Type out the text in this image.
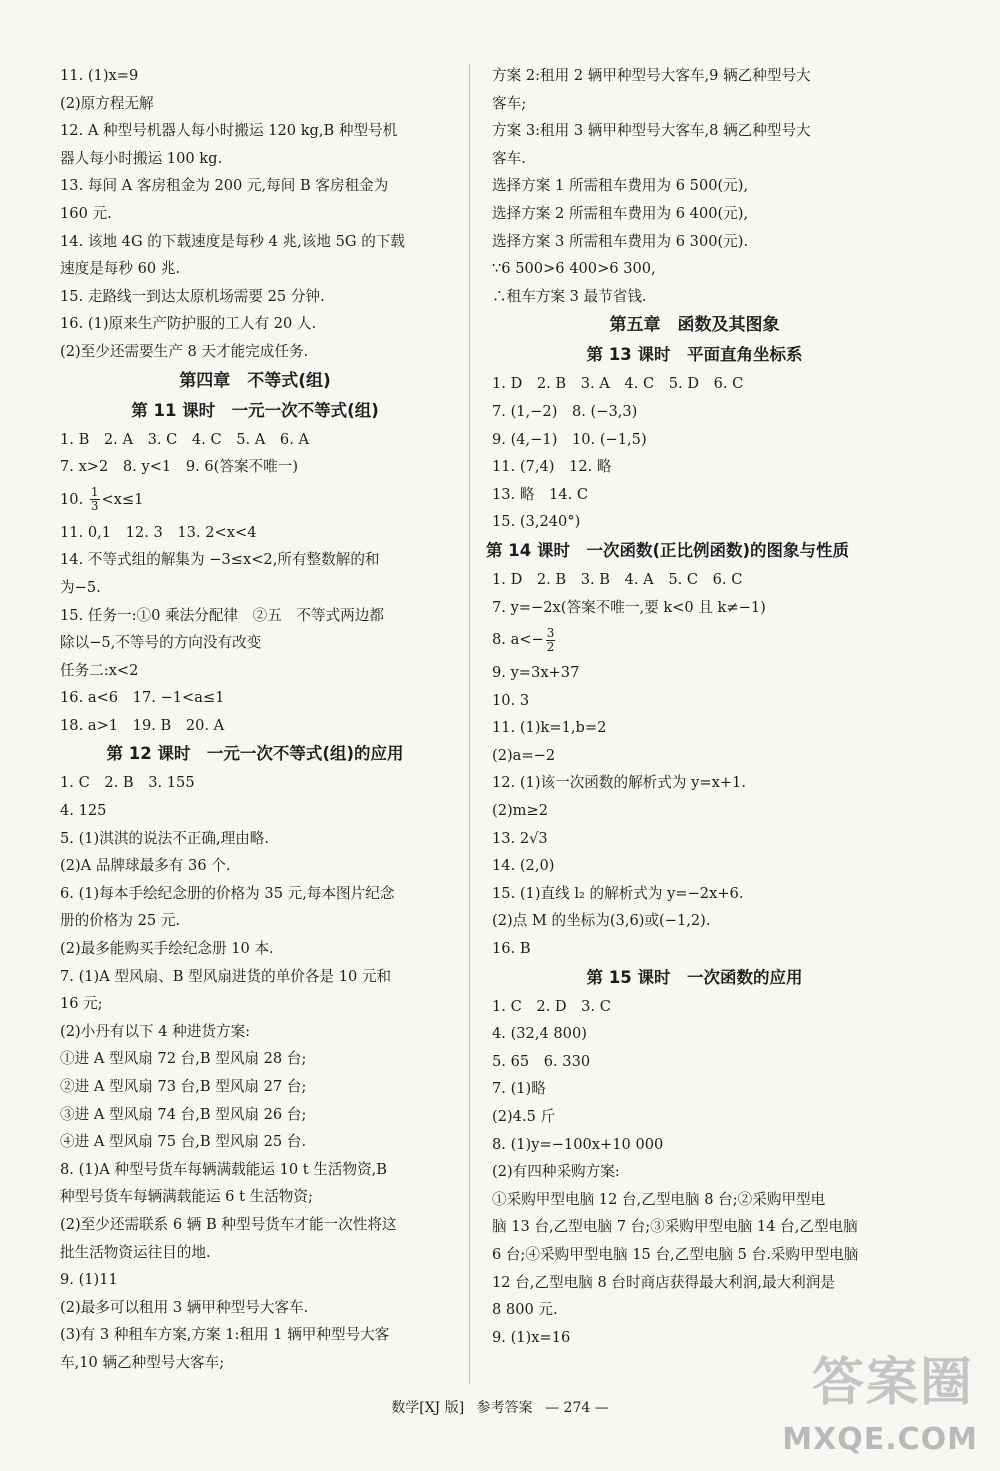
11. (1)x=9
(2)原方程无解
12. A 种型号机器人每小时搬运 120 kg,B 种型号机
器人每小时搬运 100 kg.
13. 每间 A 客房租金为 200 元,每间 B 客房租金为
160 元.
14. 该地 4G 的下载速度是每秒 4 兆,该地 5G 的下载
速度是每秒 60 兆.
15. 走路线一到达太原机场需要 25 分钟.
16. (1)原来生产防护服的工人有 20 人.
(2)至少还需要生产 8 天才能完成任务.
第四章　不等式(组)
第 11 课时　一元一次不等式(组)
1. B　2. A　3. C　4. C　5. A　6. A
7. x>2　8. y<1　9. 6(答案不唯一)
10. $\frac{1}{3} <x\le 1$
11. 0,1　12. 3　13. 2<x<4
14. 不等式组的解集为 −3≤x<2,所有整数解的和
为−5.
15. 任务一:①0 乘法分配律　②五　不等式两边都
除以−5,不等号的方向没有改变
任务二:x<2
16. a<6　17. −1<a≤1
18. a>1　19. B　20. A
第 12 课时　一元一次不等式(组)的应用
1. C　2. B　3. 155
4. 125
5. (1)淇淇的说法不正确,理由略.
(2)A 品牌球最多有 36 个.
6. (1)每本手绘纪念册的价格为 35 元,每本图片纪念
册的价格为 25 元.
(2)最多能购买手绘纪念册 10 本.
7. (1)A 型风扇、B 型风扇进货的单价各是 10 元和
16 元;
(2)小丹有以下 4 种进货方案:
①进 A 型风扇 72 台,B 型风扇 28 台;
②进 A 型风扇 73 台,B 型风扇 27 台;
③进 A 型风扇 74 台,B 型风扇 26 台;
④进 A 型风扇 75 台,B 型风扇 25 台.
8. (1)A 种型号货车每辆满载能运 10 t 生活物资,B
种型号货车每辆满载能运 6 t 生活物资;
(2)至少还需联系 6 辆 B 种型号货车才能一次性将这
批生活物资运往目的地.
9. (1)11
(2)最多可以租用 3 辆甲种型号大客车.
(3)有 3 种租车方案,方案 1:租用 1 辆甲种型号大客
车,10 辆乙种型号大客车;
方案 2:租用 2 辆甲种型号大客车,9 辆乙种型号大
客车;
方案 3:租用 3 辆甲种型号大客车,8 辆乙种型号大
客车.
选择方案 1 所需租车费用为 6 500(元),
选择方案 2 所需租车费用为 6 400(元),
选择方案 3 所需租车费用为 6 300(元).
∵6 500>6 400>6 300,
∴租车方案 3 最节省钱.
第五章　函数及其图象
第 13 课时　平面直角坐标系
1. D　2. B　3. A　4. C　5. D　6. C
7. (1,−2)　8. (−3,3)
9. (4,−1)　10. (−1,5)
11. (7,4)　12. 略
13. 略　14. C
15. (3,240°)
第 14 课时　一次函数(正比例函数)的图象与性质
1. D　2. B　3. B　4. A　5. C　6. C
7. y=−2x(答案不唯一,要 k<0 且 k≠−1)
8. $a<- \frac{3}{2}$
9. y=3x+37
10. 3
11. (1)k=1,b=2
(2)a=−2
12. (1)该一次函数的解析式为 y=x+1.
(2)m≥2
13. 2√3
14. (2,0)
15. (1)直线 l₂ 的解析式为 y=−2x+6.
(2)点 M 的坐标为(3,6)或(−1,2).
16. B
第 15 课时　一次函数的应用
1. C　2. D　3. C
4. (32,4 800)
5. 65　6. 330
7. (1)略
(2)4.5 斤
8. (1)y=−100x+10 000
(2)有四种采购方案:
①采购甲型电脑 12 台,乙型电脑 8 台;②采购甲型电
脑 13 台,乙型电脑 7 台;③采购甲型电脑 14 台,乙型电脑
6 台;④采购甲型电脑 15 台,乙型电脑 5 台.采购甲型电脑
12 台,乙型电脑 8 台时商店获得最大利润,最大利润是
8 800 元.
9. (1)x=16
数学[XJ 版] 参考答案 — 274 —	答案圈
MXQE.COM
